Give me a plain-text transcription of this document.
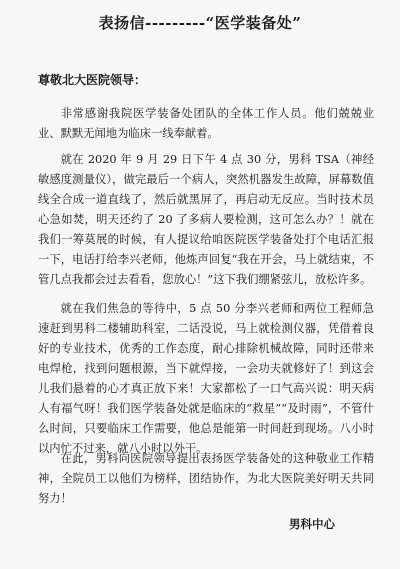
表扬信---------“医学装备处”
尊敬北大医院领导：

非常感谢我院医学装备处团队的全体工作人员。他们兢兢业业、默默无闻地为临床一线奉献着。

就在 2020 年 9 月 29 日下午 4 点 30 分，男科 TSA（神经敏感度测量仪），做完最后一个病人，突然机器发生故障，屏幕数值线全合成一道直线了，然后就黑屏了，再启动无反应。当时技术员心急如焚，明天还约了 20 了多病人要检测，这可怎么办？！就在我们一筹莫展的时候，有人提议给咱医院医学装备处打个电话汇报一下，电话打给李兴老师，他炼声回复“我在开会，马上就结束，不管几点我都会过去看看，您放心！”这下我们绷紧弦儿，放松许多。

就在我们焦急的等待中，5 点 50 分李兴老师和两位工程师急速赶到男科二楼辅助科室，二话没说，马上就检测仪器，凭借着良好的专业技术，优秀的工作态度，耐心排除机械故障，同时还带来电焊枪，找到问题根源，当下就焊接，一会功夫就修好了！到这会儿我们悬着的心才真正放下来！大家都松了一口气高兴说：明天病人有福气呀！我们医学装备处就是临床的“救星”“及时雨”，不管什么时间，只要临床工作需要，他总是能第一时间赶到现场。八小时以内忙不过来，就八小时以外干。

在此，男科向医院领导提出表扬医学装备处的这种敬业工作精神，全院员工以他们为榜样，团结协作，为北大医院美好明天共同努力！

男科中心
